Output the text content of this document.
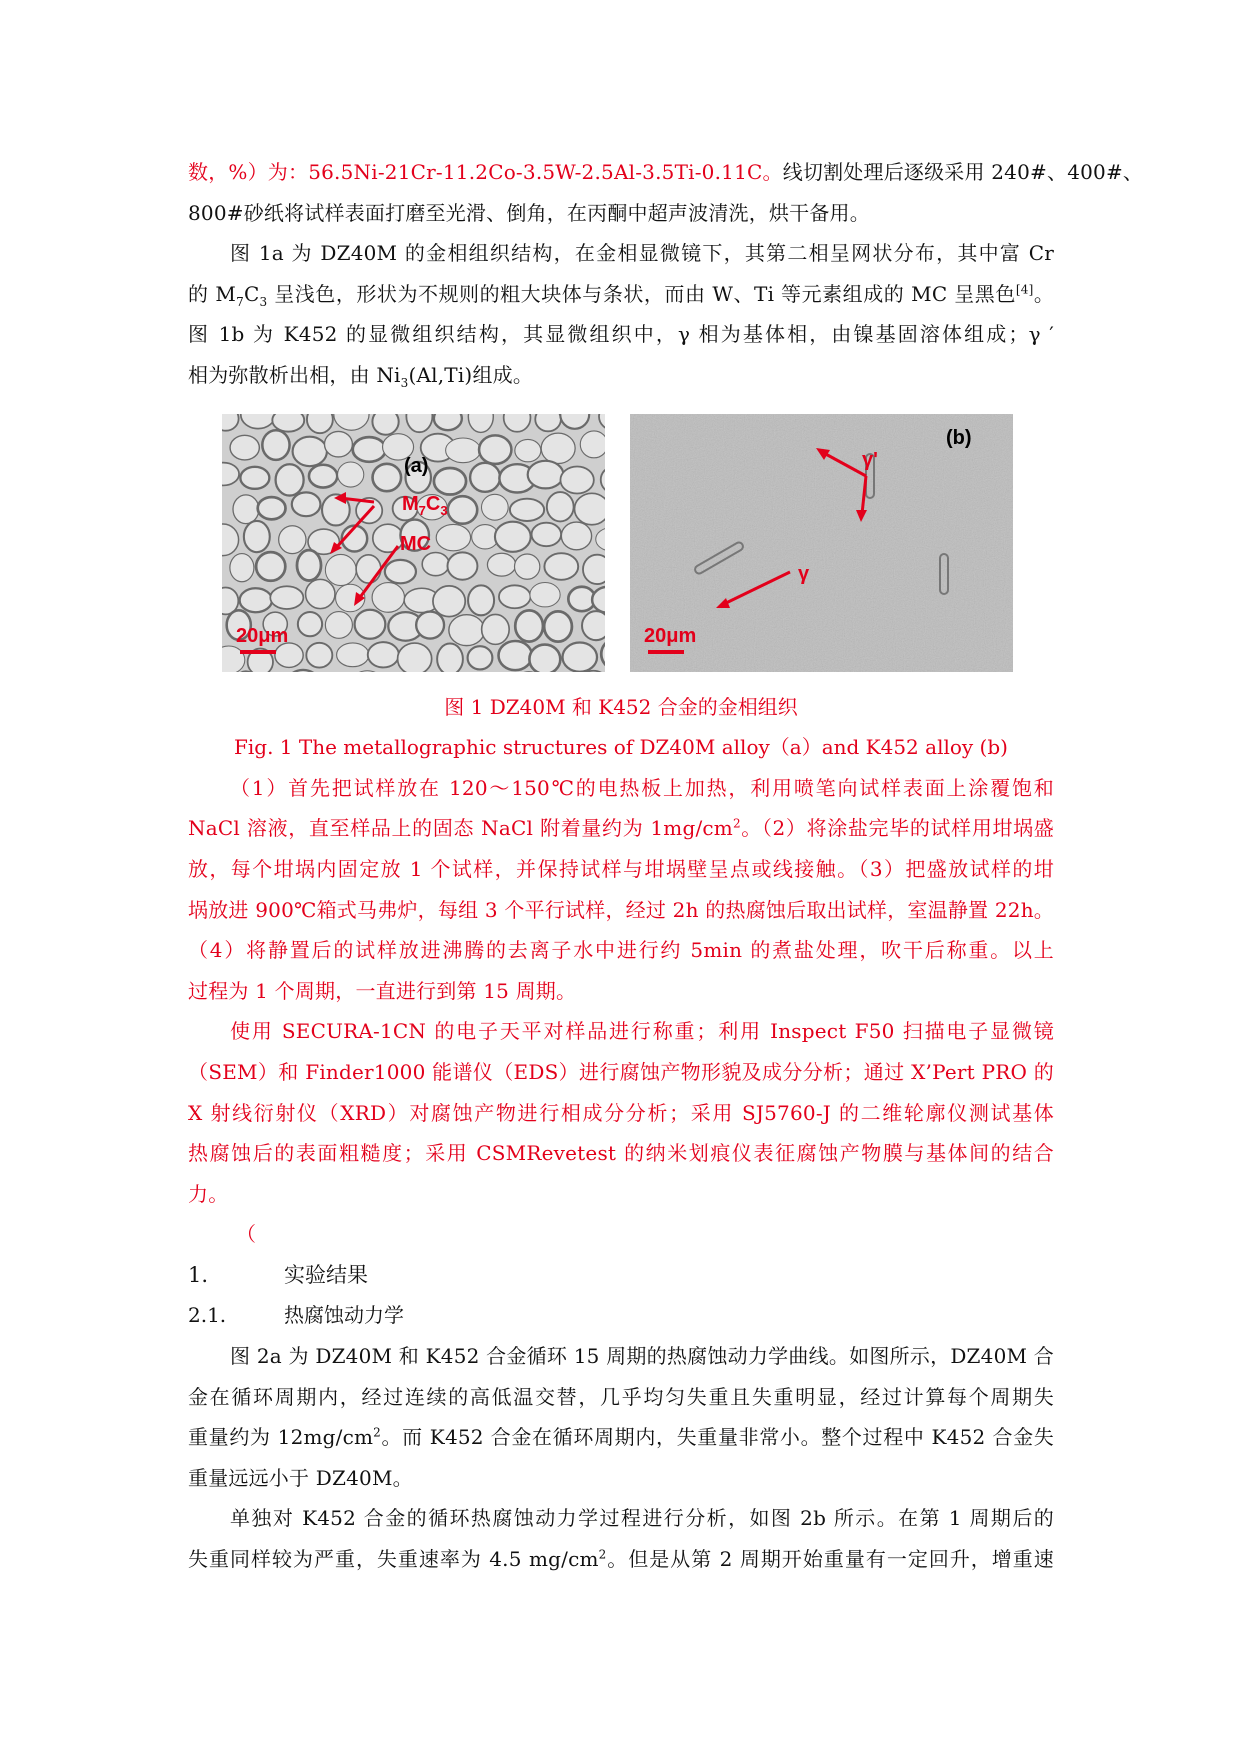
数，%）为：56.5Ni-21Cr-11.2Co-3.5W-2.5Al-3.5Ti-0.11C。线切割处理后逐级采用 240#、400#、
800#砂纸将试样表面打磨至光滑、倒角，在丙酮中超声波清洗，烘干备用。
图 1a 为 DZ40M 的金相组织结构，在金相显微镜下，其第二相呈网状分布，其中富 Cr
的 $M_7C_3$ 呈浅色，形状为不规则的粗大块体与条状，而由 W、Ti 等元素组成的 MC 呈黑色[4]。
图 1b 为 K452 的显微组织结构，其显微组织中，γ 相为基体相，由镍基固溶体组成；γ ′
相为弥散析出相，由 $Ni_3(Al,Ti)$组成。
(a)
$M_7C_3$
MC
20μm
γ'
γ
(b)
20μm
图 1 DZ40M 和 K452 合金的金相组织
Fig. 1 The metallographic structures of DZ40M alloy（a）and K452 alloy (b)
（1）首先把试样放在 120～150℃的电热板上加热，利用喷笔向试样表面上涂覆饱和
NaCl 溶液，直至样品上的固态 NaCl 附着量约为 $1mg/cm^2$。（2）将涂盐完毕的试样用坩埚盛
放，每个坩埚内固定放 1 个试样，并保持试样与坩埚壁呈点或线接触。（3）把盛放试样的坩
埚放进 900℃箱式马弗炉，每组 3 个平行试样，经过 2h 的热腐蚀后取出试样，室温静置 22h。
（4）将静置后的试样放进沸腾的去离子水中进行约 5min 的煮盐处理，吹干后称重。以上
过程为 1 个周期，一直进行到第 15 周期。
使用 SECURA-1CN 的电子天平对样品进行称重；利用 Inspect F50 扫描电子显微镜
（SEM）和 Finder1000 能谱仪（EDS）进行腐蚀产物形貌及成分分析；通过 X’Pert PRO 的
X 射线衍射仪（XRD）对腐蚀产物进行相成分分析；采用 SJ5760-J 的二维轮廓仪测试基体
热腐蚀后的表面粗糙度；采用 CSMRevetest 的纳米划痕仪表征腐蚀产物膜与基体间的结合
力。
（
1.	实验结果
2.1.	热腐蚀动力学
图 2a 为 DZ40M 和 K452 合金循环 15 周期的热腐蚀动力学曲线。如图所示，DZ40M 合
金在循环周期内，经过连续的高低温交替，几乎均匀失重且失重明显，经过计算每个周期失
重量约为 $12mg/cm^2$。而 K452 合金在循环周期内，失重量非常小。整个过程中 K452 合金失
重量远远小于 DZ40M。
单独对 K452 合金的循环热腐蚀动力学过程进行分析，如图 2b 所示。在第 1 周期后的
失重同样较为严重，失重速率为 4.5 $mg/cm^2$。但是从第 2 周期开始重量有一定回升，增重速
